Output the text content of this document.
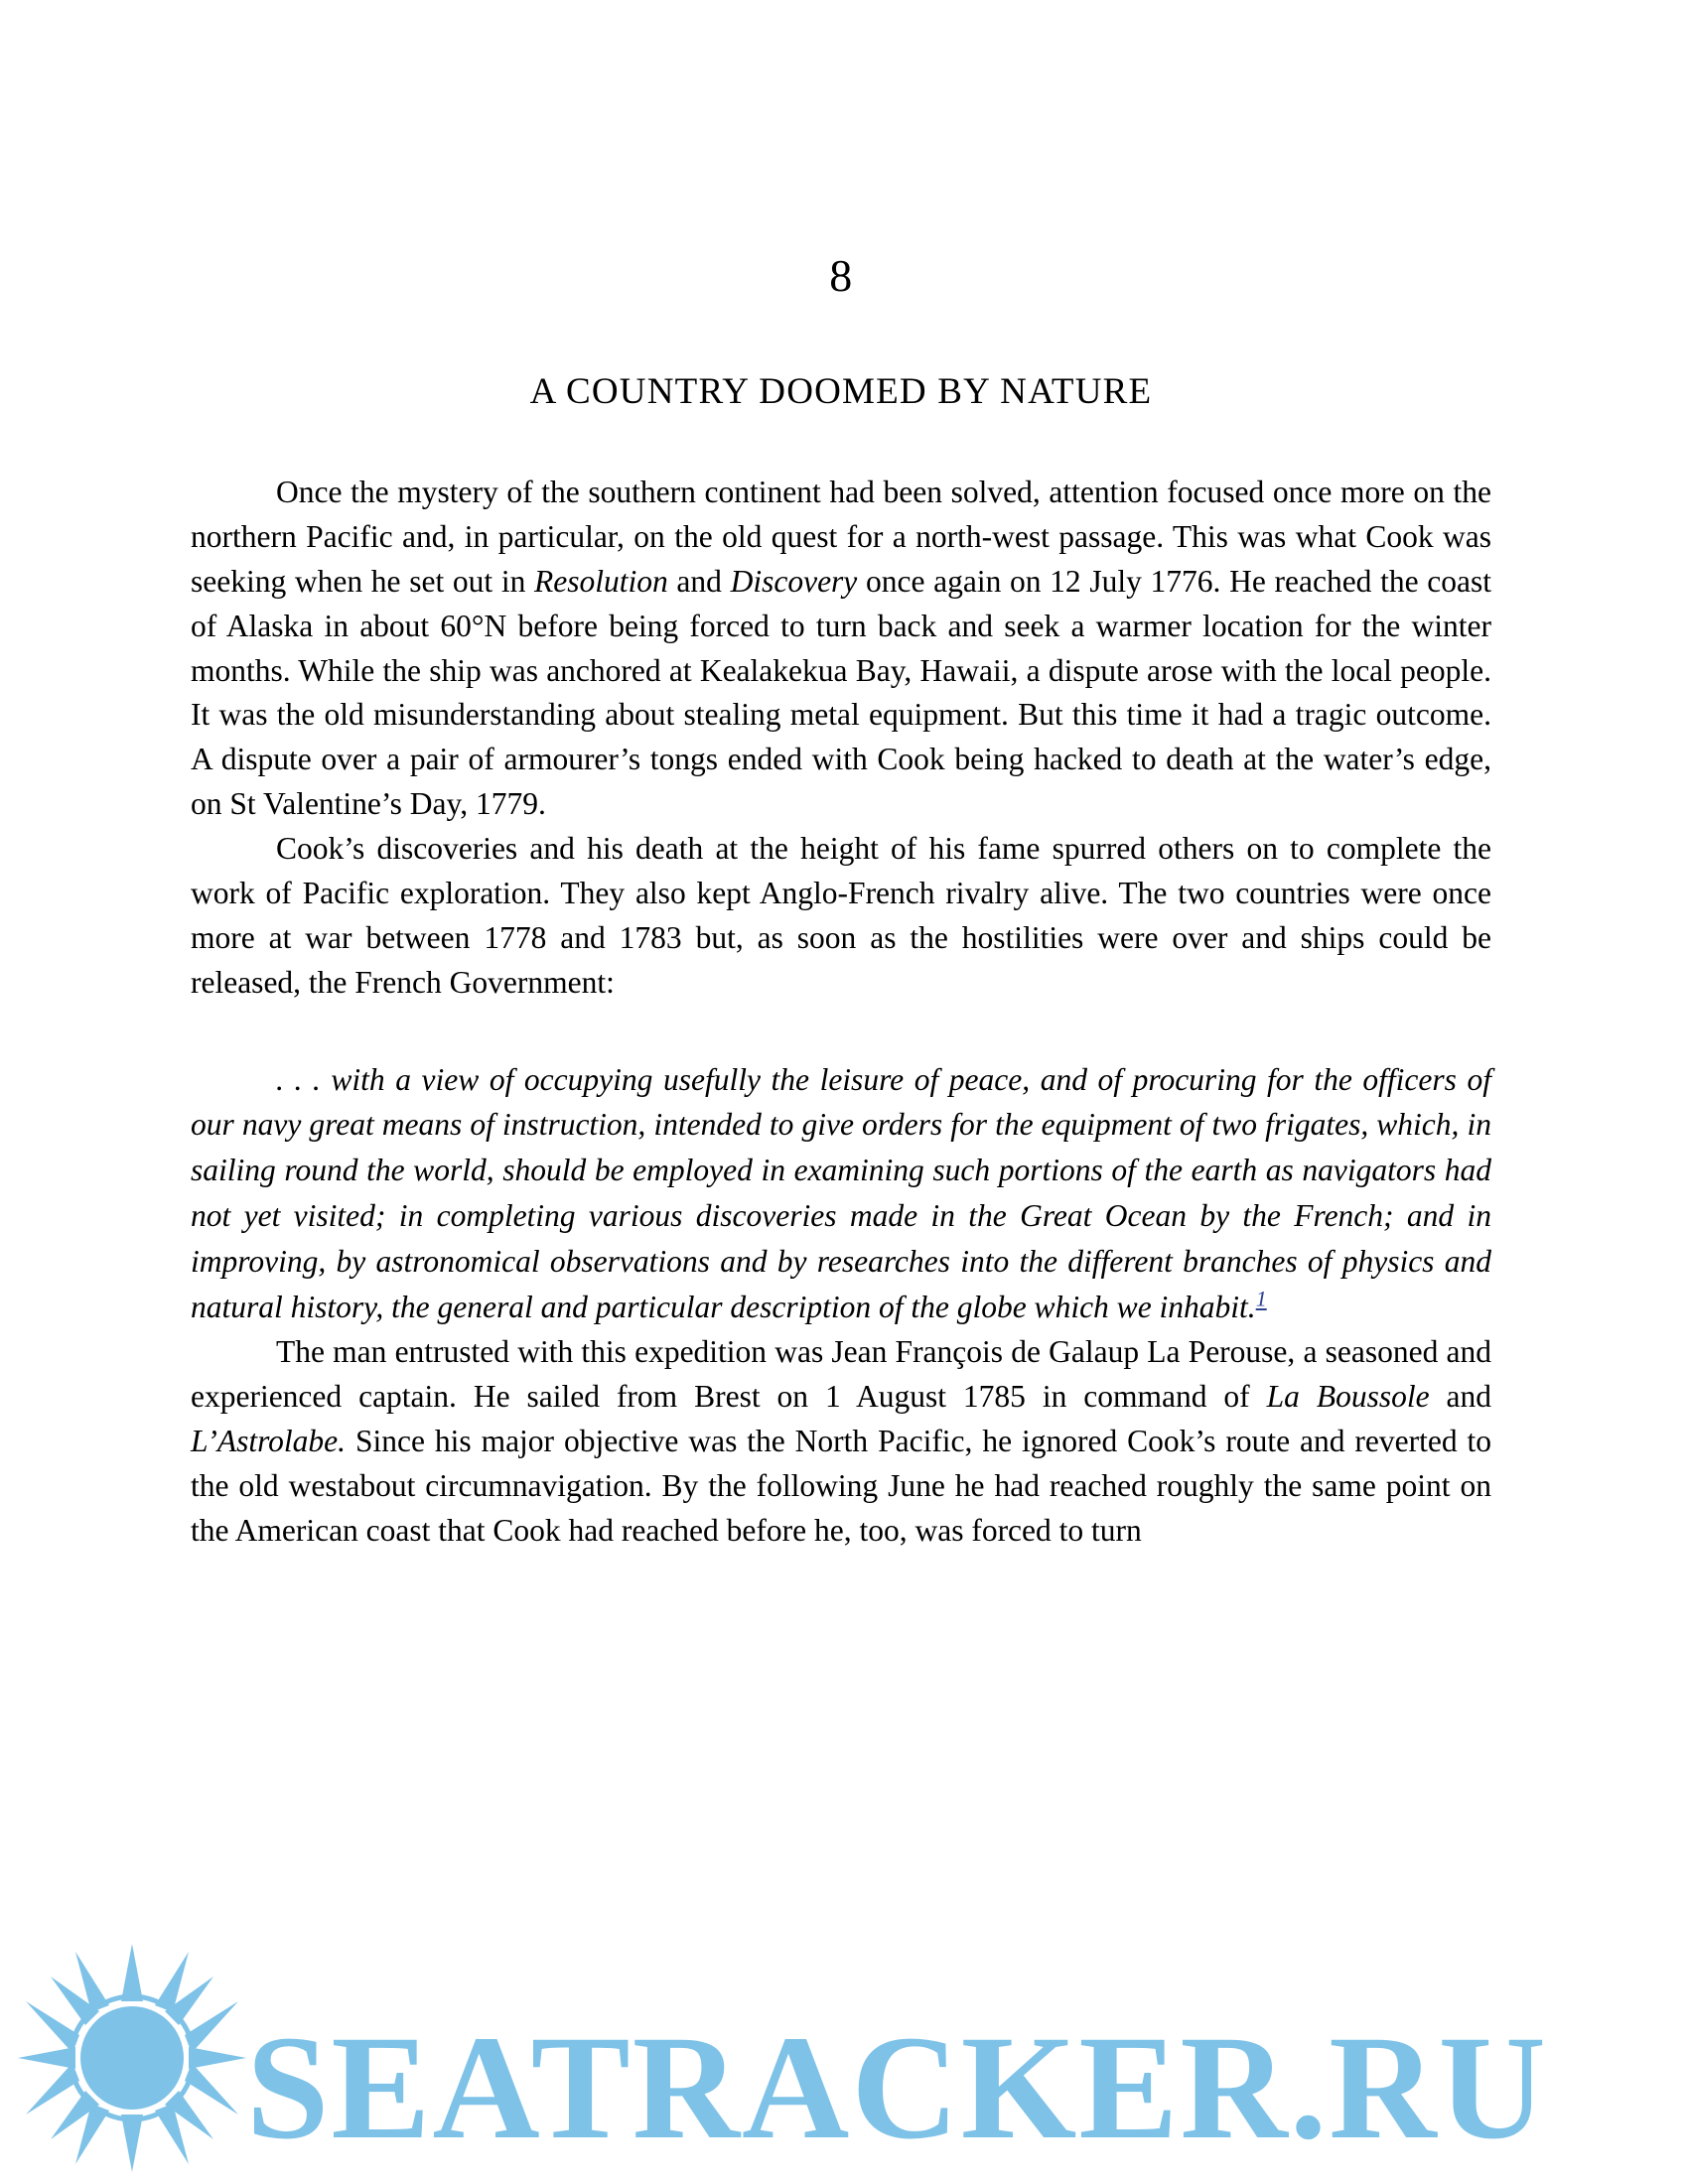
8
A COUNTRY DOOMED BY NATURE

Once the mystery of the southern continent had been solved, attention focused once more on the northern Pacific and, in particular, on the old quest for a north-west passage. This was what Cook was seeking when he set out in Resolution and Discovery once again on 12 July 1776. He reached the coast of Alaska in about 60°N before being forced to turn back and seek a warmer location for the winter months. While the ship was anchored at Kealakekua Bay, Hawaii, a dispute arose with the local people. It was the old misunderstanding about stealing metal equipment. But this time it had a tragic outcome. A dispute over a pair of armourer’s tongs ended with Cook being hacked to death at the water’s edge, on St Valentine’s Day, 1779.

Cook’s discoveries and his death at the height of his fame spurred others on to complete the work of Pacific exploration. They also kept Anglo-French rivalry alive. The two countries were once more at war between 1778 and 1783 but, as soon as the hostilities were over and ships could be released, the French Government:

. . . with a view of occupying usefully the leisure of peace, and of procuring for the officers of our navy great means of instruction, intended to give orders for the equipment of two frigates, which, in sailing round the world, should be employed in examining such portions of the earth as navigators had not yet visited; in completing various discoveries made in the Great Ocean by the French; and in improving, by astronomical observations and by researches into the different branches of physics and natural history, the general and particular description of the globe which we inhabit.$^1$

The man entrusted with this expedition was Jean François de Galaup La Perouse, a seasoned and experienced captain. He sailed from Brest on 1 August 1785 in command of La Boussole and L’Astrolabe. Since his major objective was the North Pacific, he ignored Cook’s route and reverted to the old westabout circumnavigation. By the following June he had reached roughly the same point on the American coast that Cook had reached before he, too, was forced to turn

SEATRACKER.RU
